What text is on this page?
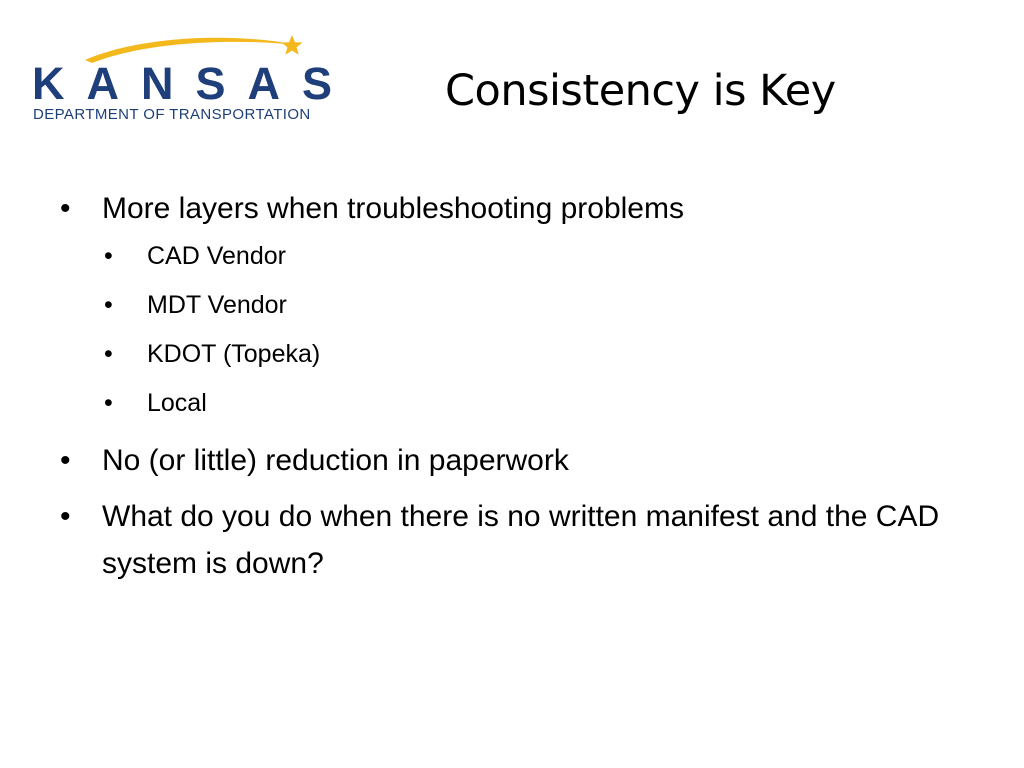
KANSAS
DEPARTMENT OF TRANSPORTATION	Consistency is Key
• More layers when troubleshooting problems
• CAD Vendor
• MDT Vendor
• KDOT (Topeka)
• Local
• No (or little) reduction in paperwork
• What do you do when there is no written manifest and the CAD system is down?
